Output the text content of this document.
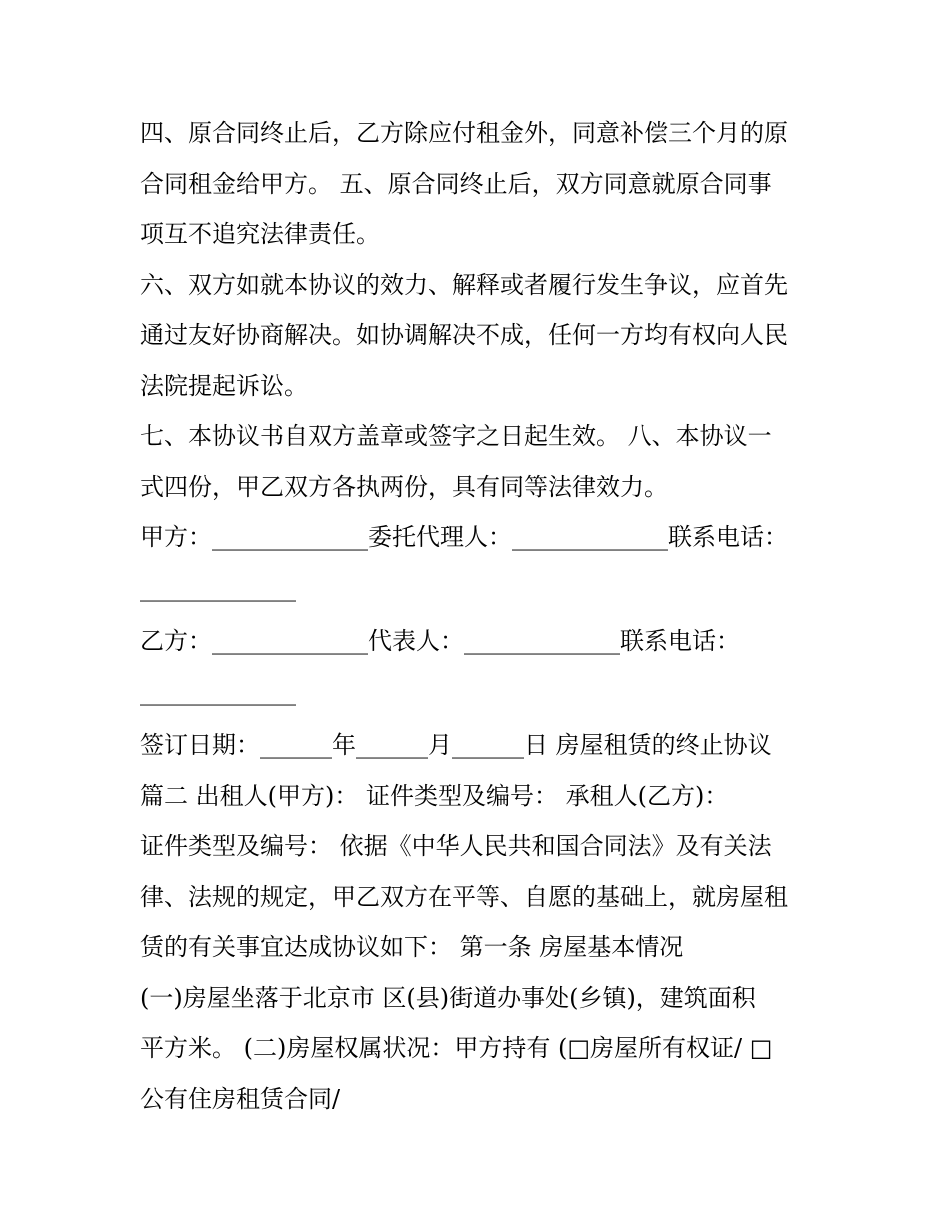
四、原合同终止后，乙方除应付租金外，同意补偿三个月的原
合同租金给甲方。 五、原合同终止后，双方同意就原合同事
项互不追究法律责任。
六、双方如就本协议的效力、解释或者履行发生争议，应首先
通过友好协商解决。如协调解决不成，任何一方均有权向人民
法院提起诉讼。
七、本协议书自双方盖章或签字之日起生效。 八、本协议一
式四份，甲乙双方各执两份，具有同等法律效力。
甲方：_____________委托代理人：_____________联系电话：
_____________
乙方：_____________代表人：_____________联系电话：
_____________
签订日期：______年______月______日 房屋租赁的终止协议
篇二 出租人(甲方)： 证件类型及编号： 承租人(乙方)：
证件类型及编号： 依据《中华人民共和国合同法》及有关法
律、法规的规定，甲乙双方在平等、自愿的基础上，就房屋租
赁的有关事宜达成协议如下： 第一条 房屋基本情况
(一)房屋坐落于北京市 区(县)街道办事处(乡镇)，建筑面积
平方米。 (二)房屋权属状况：甲方持有 (□房屋所有权证/ □
公有住房租赁合同/
